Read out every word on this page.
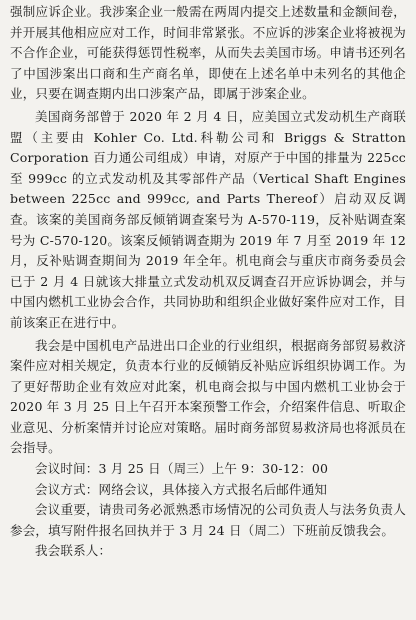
强制应诉企业。我涉案企业一般需在两周内提交上述数量和金额间卷，并开展其他相应应对工作，时间非常紧张。不应诉的涉案企业将被视为不合作企业，可能获得惩罚性税率，从而失去美国市场。申请书还列名了中国涉案出口商和生产商名单，即使在上述名单中未列名的其他企业，只要在调查期内出口涉案产品，即属于涉案企业。

美国商务部曾于 2020 年 2 月 4 日，应美国立式发动机生产商联盟（主要由 Kohler Co. Ltd.科勒公司和 Briggs & Stratton Corporation 百力通公司组成）申请，对原产于中国的排量为 225cc 至 999cc 的立式发动机及其零部件产品（Vertical Shaft Engines between 225cc and 999cc, and Parts Thereof）启动双反调查。该案的美国商务部反倾销调查案号为 A-570-119，反补贴调查案号为 C-570-120。该案反倾销调查期为 2019 年 7 月至 2019 年 12 月，反补贴调查期间为 2019 年全年。机电商会与重庆市商务委员会已于 2 月 4 日就该大排量立式发动机双反调查召开应诉协调会，并与中国内燃机工业协会合作，共同协助和组织企业做好案件应对工作，目前该案正在进行中。

我会是中国机电产品进出口企业的行业组织，根据商务部贸易救济案件应对相关规定，负责本行业的反倾销反补贴应诉组织协调工作。为了更好帮助企业有效应对此案，机电商会拟与中国内燃机工业协会于 2020 年 3 月 25 日上午召开本案预警工作会，介绍案件信息、听取企业意见、分析案情并讨论应对策略。届时商务部贸易救济局也将派员在会指导。

会议时间：3 月 25 日（周三）上午 9：30-12：00

会议方式：网络会议，具体接入方式报名后邮件通知

会议重要，请贵司务必派熟悉市场情况的公司负责人与法务负责人参会，填写附件报名回执并于 3 月 24 日（周二）下班前反馈我会。

我会联系人：
